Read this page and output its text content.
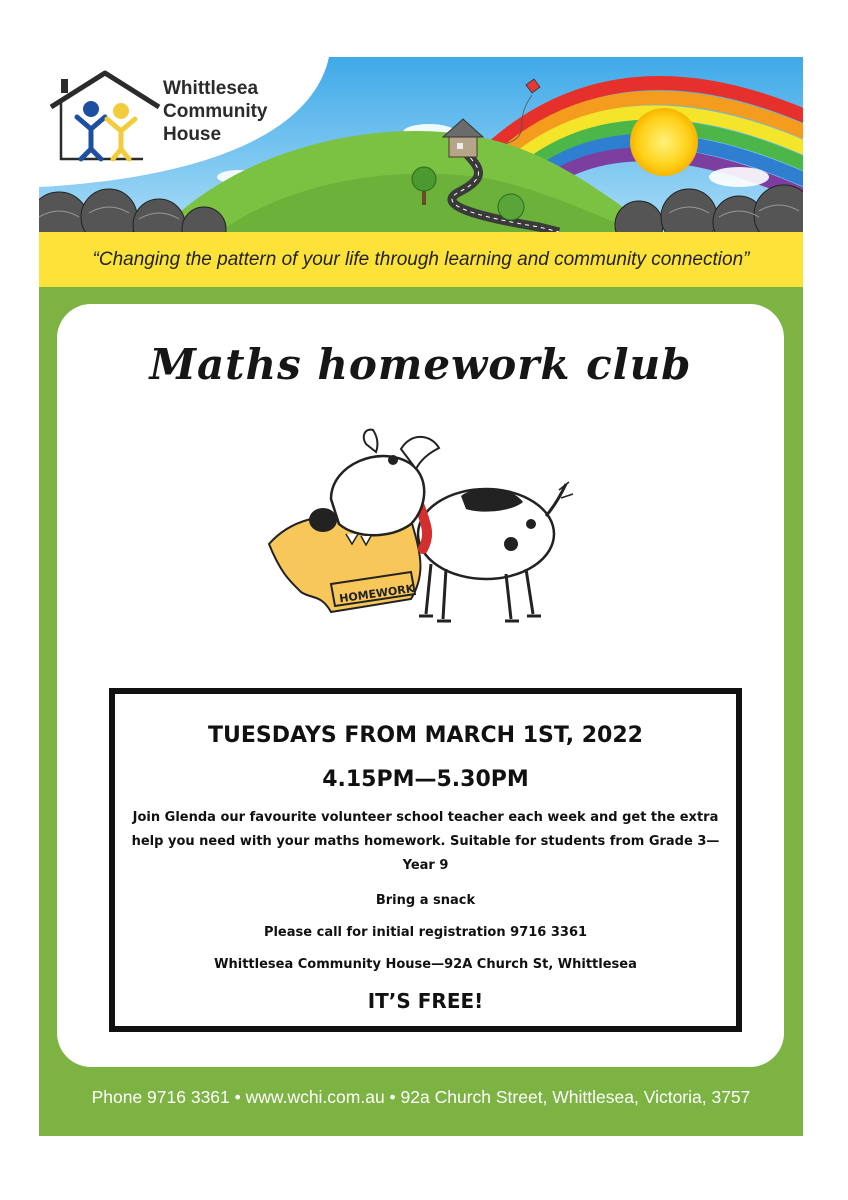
Whittlesea
Community
House
“Changing the pattern of your life through learning and community connection”
Maths homework club
HOMEWORK
TUESDAYS FROM MARCH 1ST, 2022
4.15PM—5.30PM
Join Glenda our favourite volunteer school teacher each week and get the extra help you need with your maths homework. Suitable for students from Grade 3—Year 9
Bring a snack
Please call for initial registration 9716 3361
Whittlesea Community House—92A Church St, Whittlesea
IT’S FREE!
Phone 9716 3361 • www.wchi.com.au • 92a Church Street, Whittlesea, Victoria, 3757
